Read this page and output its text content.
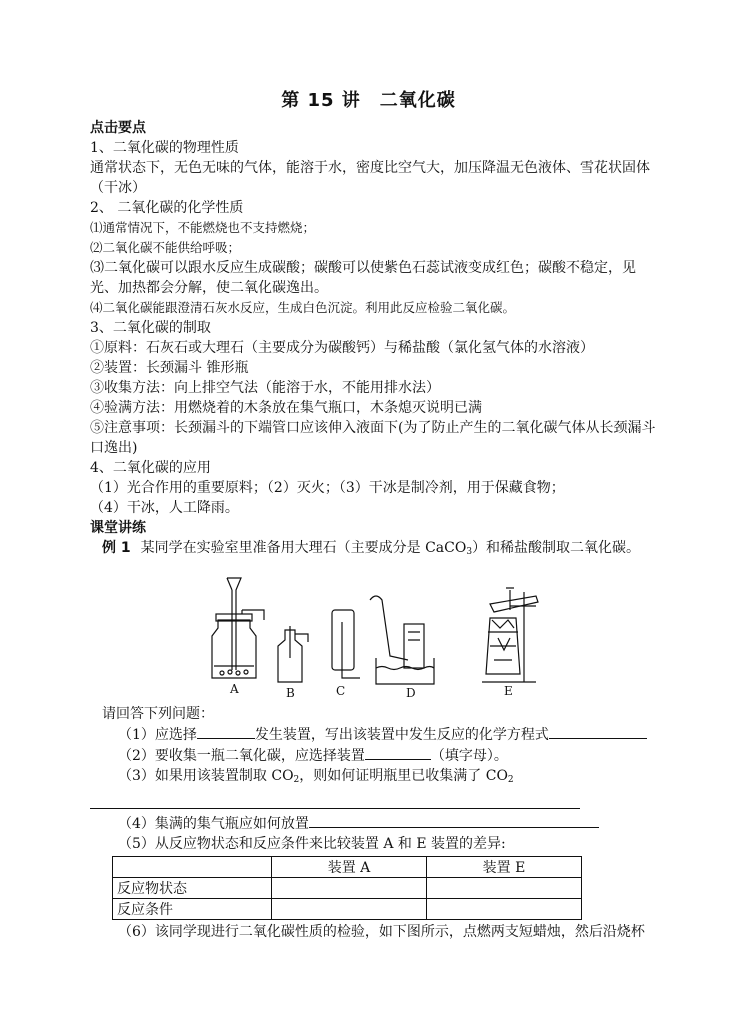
第 15 讲　二氧化碳

点击要点

1、二氧化碳的物理性质

通常状态下，无色无味的气体，能溶于水，密度比空气大，加压降温无色液体、雪花状固体（干冰）

2、 二氧化碳的化学性质

⑴通常情况下，不能燃烧也不支持燃烧；

⑵二氧化碳不能供给呼吸；

⑶二氧化碳可以跟水反应生成碳酸；碳酸可以使紫色石蕊试液变成红色；碳酸不稳定，见光、加热都会分解，使二氧化碳逸出。

⑷二氧化碳能跟澄清石灰水反应，生成白色沉淀。利用此反应检验二氧化碳。

3、二氧化碳的制取

①原料：石灰石或大理石（主要成分为碳酸钙）与稀盐酸（氯化氢气体的水溶液）

②装置：长颈漏斗 锥形瓶

③收集方法：向上排空气法（能溶于水，不能用排水法）

④验满方法：用燃烧着的木条放在集气瓶口，木条熄灭说明已满

⑤注意事项：长颈漏斗的下端管口应该伸入液面下(为了防止产生的二氧化碳气体从长颈漏斗口逸出)

4、二氧化碳的应用

（1）光合作用的重要原料；（2）灭火；（3）干冰是制冷剂，用于保藏食物；

（4）干冰，人工降雨。

课堂讲练

例 1 某同学在实验室里准备用大理石（主要成分是 CaCO$_3$）和稀盐酸制取二氧化碳。

A	B	C	D	E

请回答下列问题：

（1）应选择	发生装置，写出该装置中发生反应的化学方程式

（2）要收集一瓶二氧化碳，应选择装置	（填字母）。

（3）如果用该装置制取 $CO_2$，则如何证明瓶里已收集满了 $CO_2$

（4）集满的集气瓶应如何放置

（5）从反应物状态和反应条件来比较装置 A 和 E 装置的差异:

	装置 A	装置 E
反应物状态		
反应条件		

（6）该同学现进行二氧化碳性质的检验，如下图所示，点燃两支短蜡烛，然后沿烧杯
